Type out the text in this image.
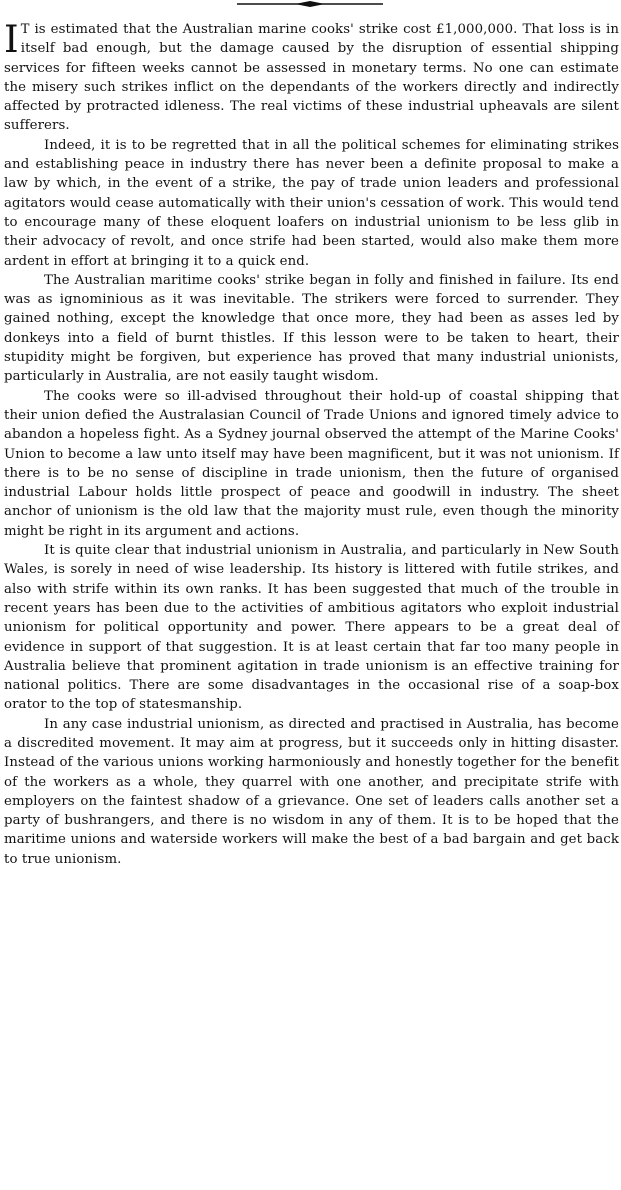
I T is estimated that the Australian marine cooks' strike cost £1,000,000. That loss is in itself bad enough, but the damage caused by the disruption of essential shipping services for fifteen weeks cannot be assessed in monetary terms. No one can estimate the misery such strikes inflict on the dependants of the workers directly and indirectly affected by protracted idleness. The real victims of these industrial upheavals are silent sufferers.

Indeed, it is to be regretted that in all the political schemes for eliminating strikes and establishing peace in industry there has never been a definite proposal to make a law by which, in the event of a strike, the pay of trade union leaders and professional agitators would cease automatically with their union's cessation of work. This would tend to encourage many of these eloquent loafers on industrial unionism to be less glib in their advocacy of revolt, and once strife had been started, would also make them more ardent in effort at bringing it to a quick end.

The Australian maritime cooks' strike began in folly and finished in failure. Its end was as ignominious as it was inevitable. The strikers were forced to surrender. They gained nothing, except the knowledge that once more, they had been as asses led by donkeys into a field of burnt thistles. If this lesson were to be taken to heart, their stupidity might be forgiven, but experience has proved that many industrial unionists, particularly in Australia, are not easily taught wisdom.

The cooks were so ill-advised throughout their hold-up of coastal shipping that their union defied the Australasian Council of Trade Unions and ignored timely advice to abandon a hopeless fight. As a Sydney journal observed the attempt of the Marine Cooks' Union to become a law unto itself may have been magnificent, but it was not unionism. If there is to be no sense of discipline in trade unionism, then the future of organised industrial Labour holds little prospect of peace and goodwill in industry. The sheet anchor of unionism is the old law that the majority must rule, even though the minority might be right in its argument and actions.

It is quite clear that industrial unionism in Australia, and particularly in New South Wales, is sorely in need of wise leadership. Its history is littered with futile strikes, and also with strife within its own ranks. It has been suggested that much of the trouble in recent years has been due to the activities of ambitious agitators who exploit industrial unionism for political opportunity and power. There appears to be a great deal of evidence in support of that suggestion. It is at least certain that far too many people in Australia believe that prominent agitation in trade unionism is an effective training for national politics. There are some disadvantages in the occasional rise of a soap-box orator to the top of statesmanship.

In any case industrial unionism, as directed and practised in Australia, has become a discredited movement. It may aim at progress, but it succeeds only in hitting disaster. Instead of the various unions working harmoniously and honestly together for the benefit of the workers as a whole, they quarrel with one another, and precipitate strife with employers on the faintest shadow of a grievance. One set of leaders calls another set a party of bushrangers, and there is no wisdom in any of them. It is to be hoped that the maritime unions and waterside workers will make the best of a bad bargain and get back to true unionism.
